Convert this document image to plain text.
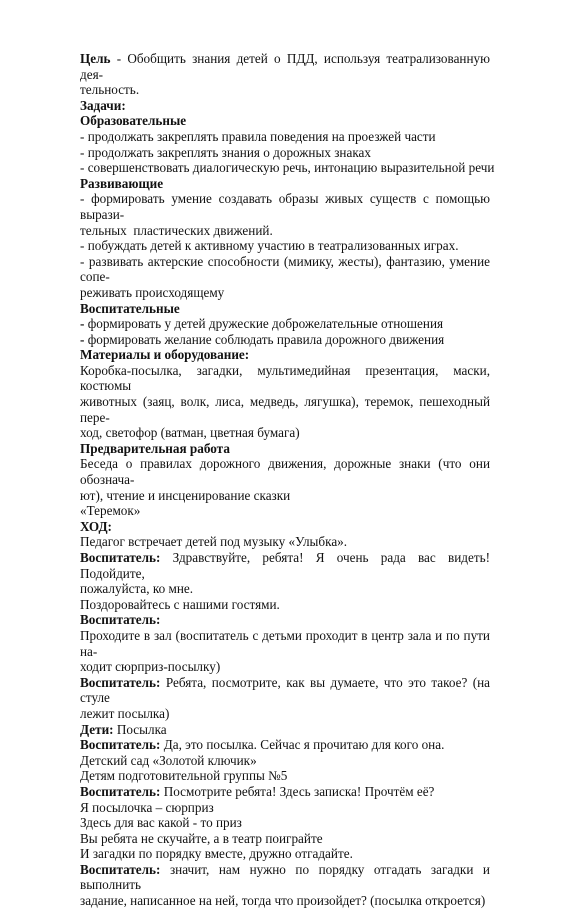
Цель - Обобщить знания детей о ПДД, используя театрализованную дея-
тельность.
Задачи:
Образовательные
- продолжать закреплять правила поведения на проезжей части
- продолжать закреплять знания о дорожных знаках
- совершенствовать диалогическую речь, интонацию выразительной речи
Развивающие
- формировать умение создавать образы живых существ с помощью вырази-
тельных  пластических движений.
- побуждать детей к активному участию в театрализованных играх.
- развивать актерские способности (мимику, жесты), фантазию, умение сопе-
реживать происходящему
Воспитательные
- формировать у детей дружеские доброжелательные отношения
- формировать желание соблюдать правила дорожного движения
Материалы и оборудование:
Коробка-посылка, загадки, мультимедийная презентация, маски, костюмы
животных (заяц, волк, лиса, медведь, лягушка), теремок, пешеходный пере-
ход, светофор (ватман, цветная бумага)
Предварительная работа
Беседа о правилах дорожного движения, дорожные знаки (что они обознача-
ют), чтение и инсценирование сказки
«Теремок»
ХОД:
Педагог встречает детей под музыку «Улыбка».
Воспитатель: Здравствуйте, ребята! Я очень рада вас видеть! Подойдите,
пожалуйста, ко мне.
Поздоровайтесь с нашими гостями.
Воспитатель:
Проходите в зал (воспитатель с детьми проходит в центр зала и по пути на-
ходит сюрприз-посылку)
Воспитатель: Ребята, посмотрите, как вы думаете, что это такое? (на стуле
лежит посылка)
Дети: Посылка
Воспитатель: Да, это посылка. Сейчас я прочитаю для кого она.
Детский сад «Золотой ключик»
Детям подготовительной группы №5
Воспитатель: Посмотрите ребята! Здесь записка! Прочтём её?
Я посылочка – сюрприз
Здесь для вас какой - то приз
Вы ребята не скучайте, а в театр поиграйте
И загадки по порядку вместе, дружно отгадайте.
Воспитатель: значит, нам нужно по порядку отгадать загадки и выполнить
задание, написанное на ней, тогда что произойдет? (посылка откроется)
